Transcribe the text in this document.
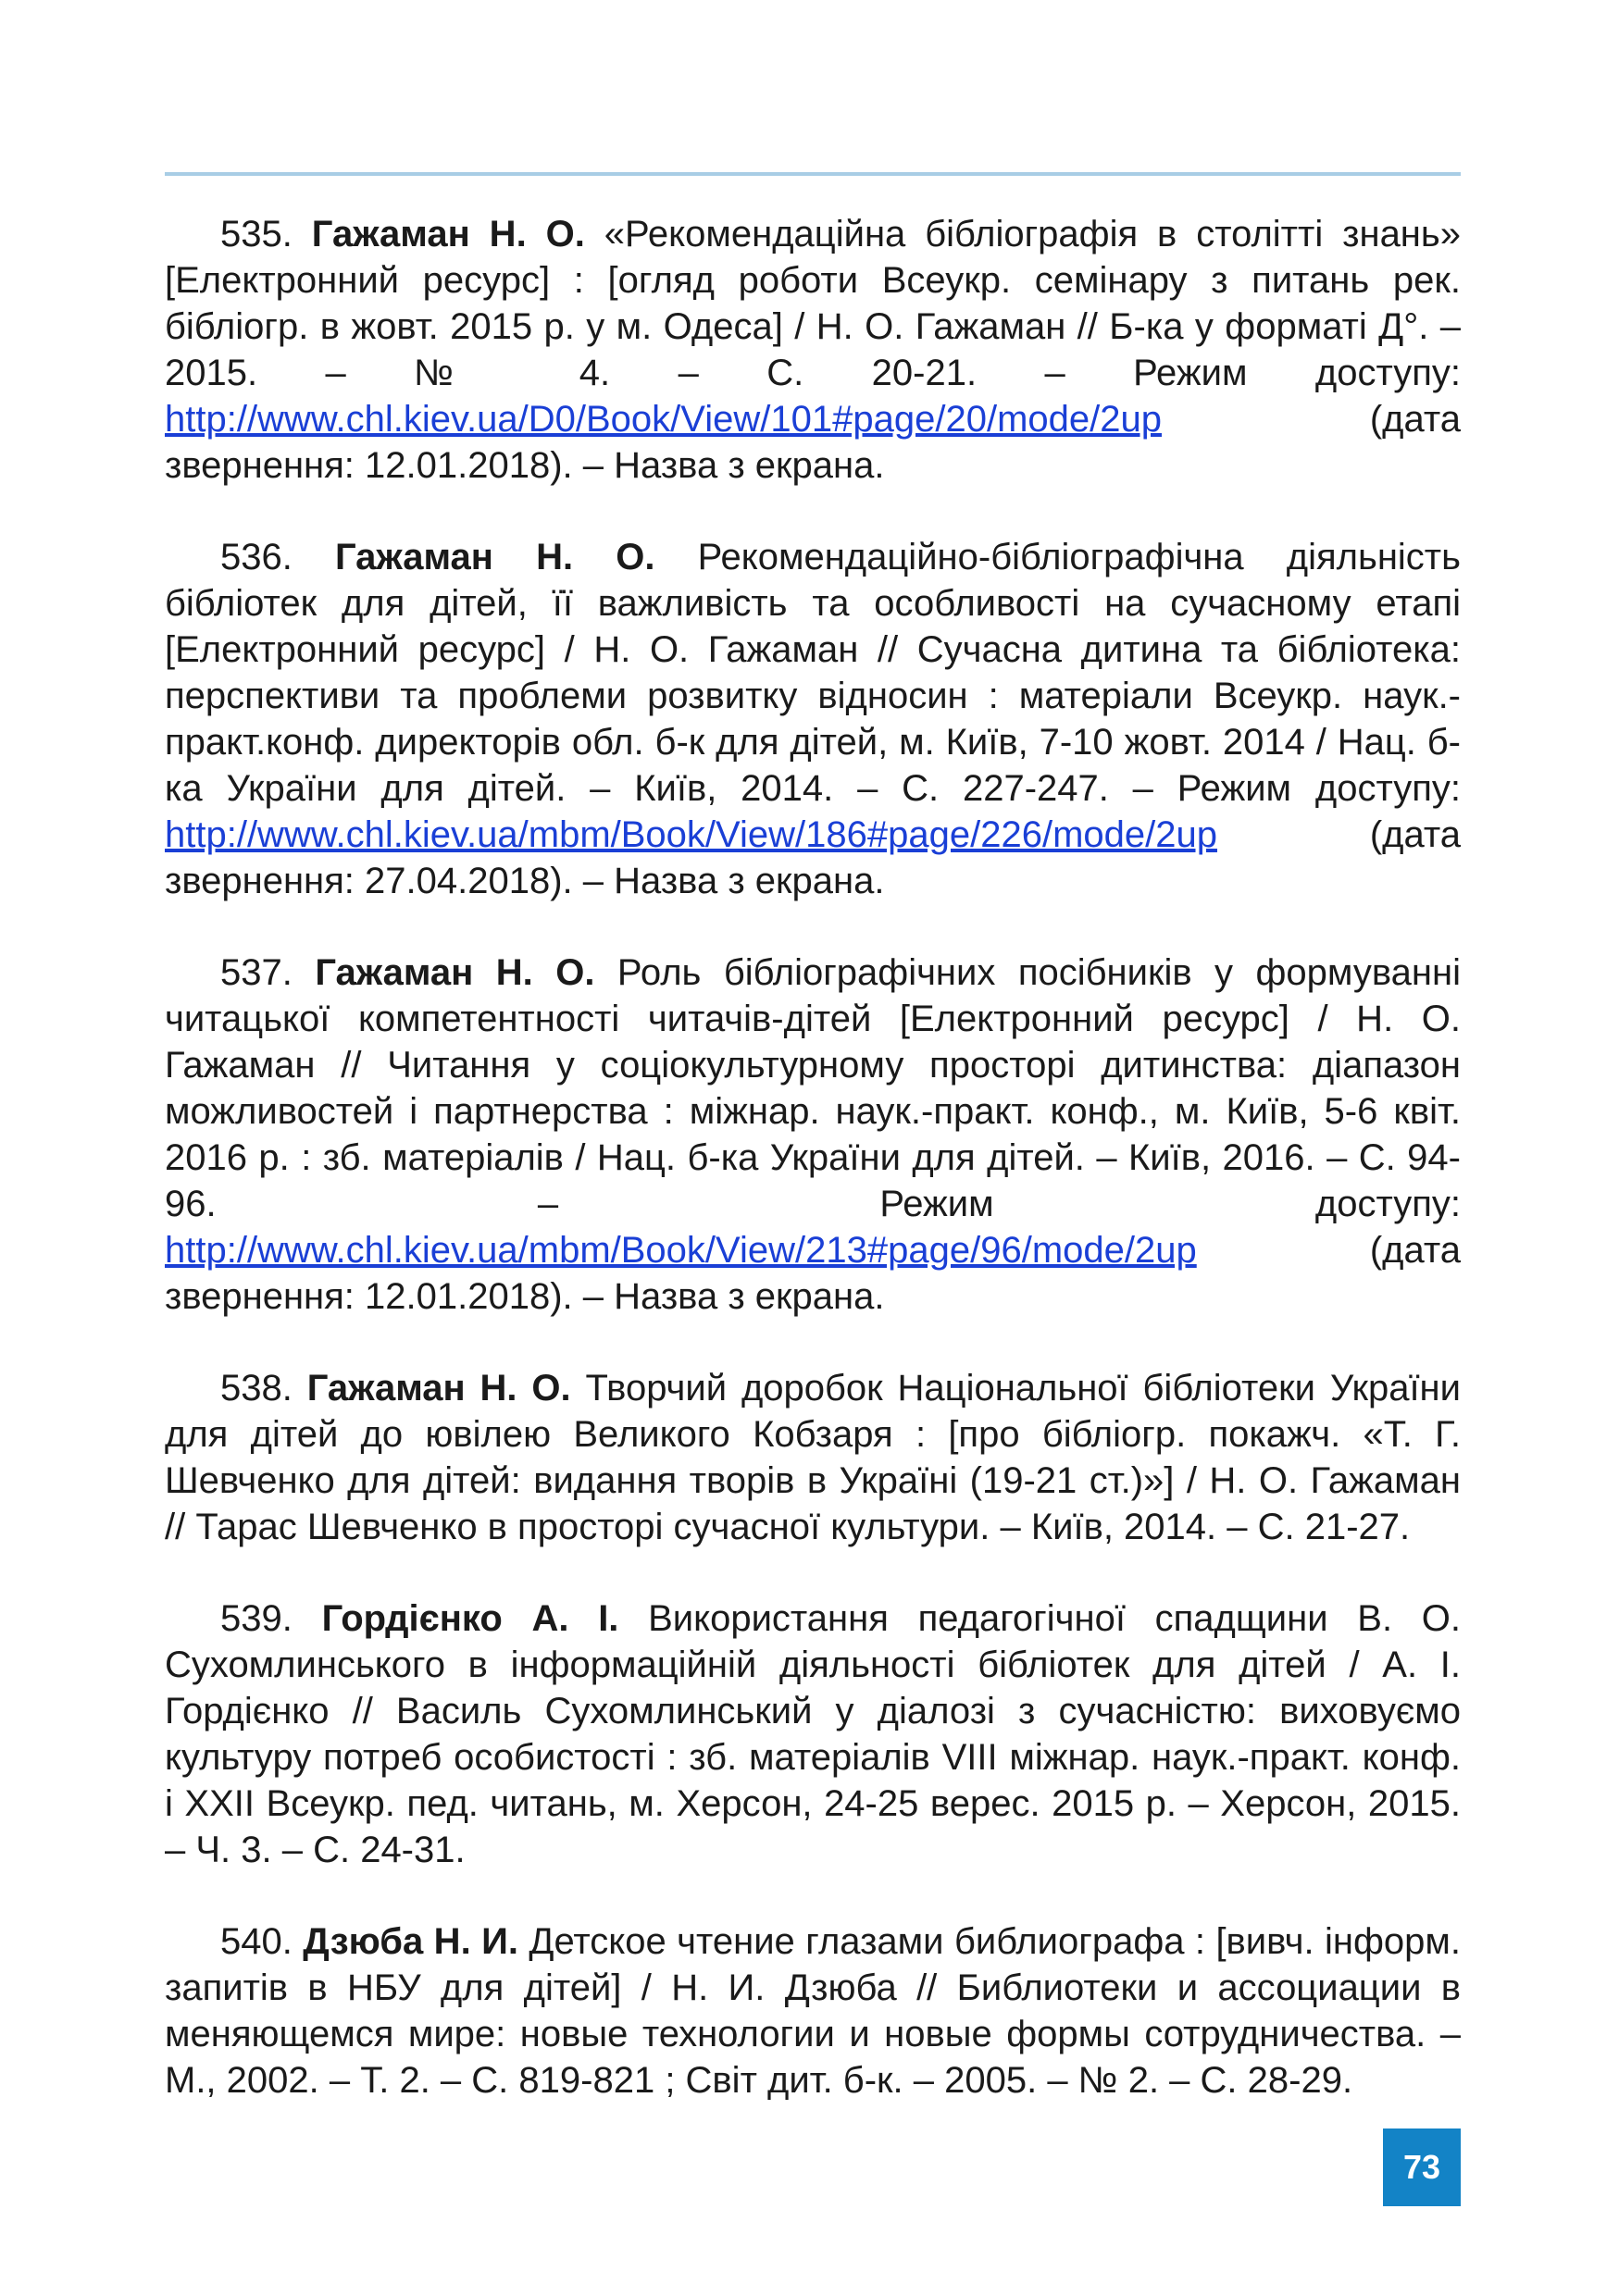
535. Гажаман Н. О. «Рекомендаційна бібліографія в столітті знань» [Електронний ресурс] : [огляд роботи Всеукр. семінару з питань рек. бібліогр. в жовт. 2015 р. у м. Одеса] / Н. О. Гажаман // Б-ка у форматі Д°. – 2015. – № 4. – С. 20-21. – Режим доступу: http://www.chl.kiev.ua/D0/Book/View/101#page/20/mode/2up	(дата звернення: 12.01.2018). – Назва з екрана.

536. Гажаман Н. О. Рекомендаційно-бібліографічна діяльність бібліотек для дітей, її важливість та особливості на сучасному етапі [Електронний ресурс] / Н. О. Гажаман // Сучасна дитина та бібліотека: перспективи та проблеми розвитку відносин : матеріали Всеукр. наук.-практ.конф. директорів обл. б-к для дітей, м. Київ, 7-10 жовт. 2014 / Нац. б-ка України для дітей. – Київ, 2014. – С. 227-247. – Режим доступу: http://www.chl.kiev.ua/mbm/Book/View/186#page/226/mode/2up	(дата звернення: 27.04.2018). – Назва з екрана.

537. Гажаман Н. О. Роль бібліографічних посібників у формуванні читацької компетентності читачів-дітей [Електронний ресурс] / Н. О. Гажаман // Читання у соціокультурному просторі дитинства: діапазон можливостей і партнерства : міжнар. наук.-практ. конф., м. Київ, 5-6 квіт. 2016 р. : зб. матеріалів / Нац. б-ка України для дітей. – Київ, 2016. – С. 94-96. – Режим доступу: http://www.chl.kiev.ua/mbm/Book/View/213#page/96/mode/2up	(дата звернення: 12.01.2018). – Назва з екрана.

538. Гажаман Н. О. Творчий доробок Національної бібліотеки України для дітей до ювілею Великого Кобзаря : [про бібліогр. покажч. «Т. Г. Шевченко для дітей: видання творів в Україні (19-21 ст.)»] / Н. О. Гажаман // Тарас Шевченко в просторі сучасної культури. – Київ, 2014. – С. 21-27.

539. Гордієнко А. І. Використання педагогічної спадщини В. О. Сухомлинського в інформаційній діяльності бібліотек для дітей / А. І. Гордієнко // Василь Сухомлинський у діалозі з сучасністю: виховуємо культуру потреб особистості : зб. матеріалів VIII міжнар. наук.-практ. конф. і XXII Всеукр. пед. читань, м. Херсон, 24-25 верес. 2015 р. – Херсон, 2015. – Ч. 3. – С. 24-31.

540. Дзюба Н. И. Детское чтение глазами библиографа : [вивч. інформ. запитів в НБУ для дітей] / Н. И. Дзюба // Библиотеки и ассоциации в меняющемся мире: новые технологии и новые формы сотрудничества. – М., 2002. – Т. 2. – С. 819-821 ; Світ дит. б-к. – 2005. – № 2. – С. 28-29.

73
